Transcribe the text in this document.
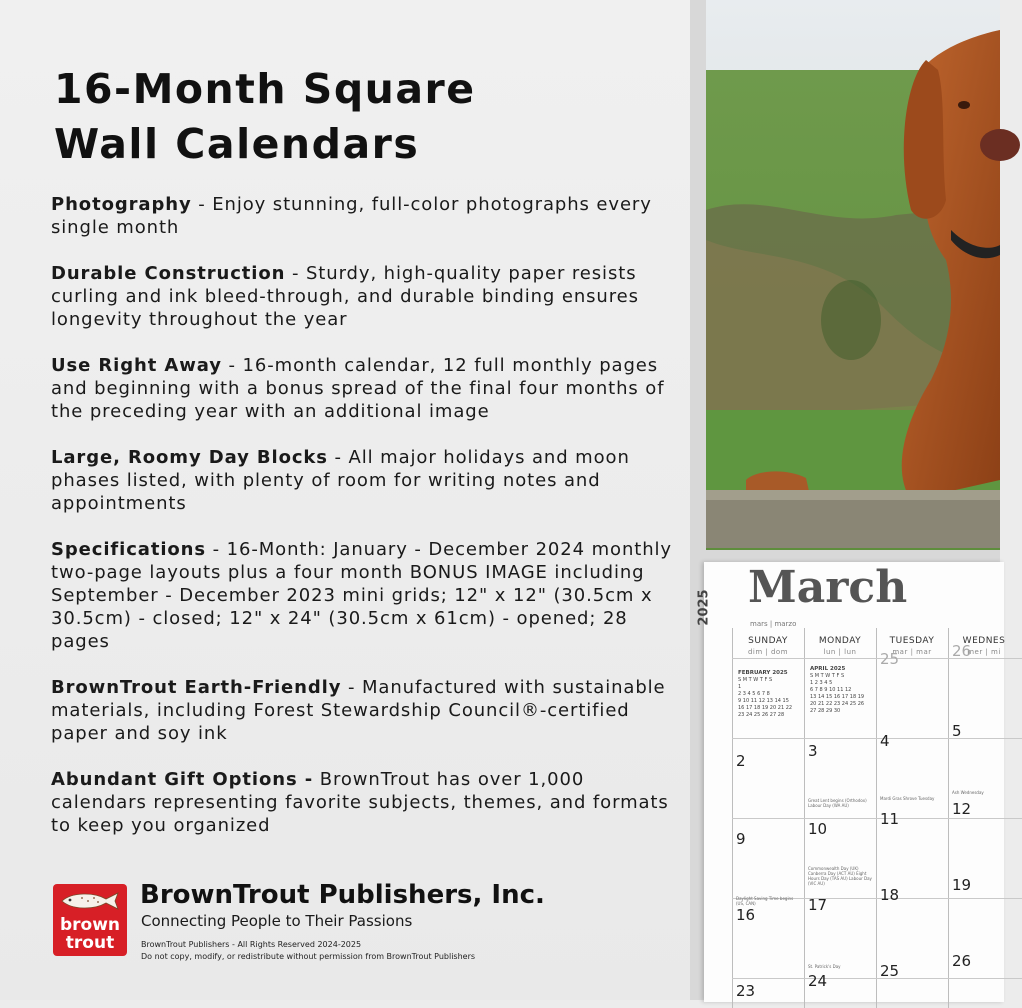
16-Month Square
Wall Calendars

Photography - Enjoy stunning, full-color photographs every single month

Durable Construction - Sturdy, high-quality paper resists curling and ink bleed-through, and durable binding ensures longevity throughout the year

Use Right Away - 16-month calendar, 12 full monthly pages and beginning with a bonus spread of the final four months of the preceding year with an additional image

Large, Roomy Day Blocks - All major holidays and moon phases listed, with plenty of room for writing notes and appointments

Specifications - 16-Month: January - December 2024 monthly two-page layouts plus a four month BONUS IMAGE including September - December 2023 mini grids; 12" x 12" (30.5cm x 30.5cm) - closed; 12" x 24" (30.5cm x 61cm) - opened; 28 pages

BrownTrout Earth-Friendly - Manufactured with sustainable materials, including Forest Stewardship Council®-certified paper and soy ink

Abundant Gift Options - BrownTrout has over 1,000 calendars representing favorite subjects, themes, and formats to keep you organized

brown
trout
BrownTrout Publishers, Inc.
Connecting People to Their Passions
BrownTrout Publishers - All Rights Reserved 2024-2025
Do not copy, modify, or redistribute without permission from BrownTrout Publishers
2025 March
mars | marzo
SUNDAY
dim | dom
MONDAY
lun | lun
TUESDAY
mar | mar
WEDNES
mer | mi
FEBRUARY 2025
S M T W T F S
1
2 3 4 5 6 7 8
9 10 11 12 13 14 15
16 17 18 19 20 21 22
23 24 25 26 27 28
APRIL 2025
S M T W T F S
1 2 3 4 5
6 7 8 9 10 11 12
13 14 15 16 17 18 19
20 21 22 23 24 25 26
27 28 29 30
25	26
2
3
4
5
Great Lent begins (Orthodox) Labour Day (WA AU)
Mardi Gras Shrove Tuesday
Ash Wednesday
9
10
11
12
Daylight Saving Time begins (US, CAN)
Commonwealth Day (UK) Canberra Day (ACT AU) Eight Hours Day (TAS AU) Labour Day (VIC AU)
16
17
18
19
St. Patrick's Day
23
24
25
26
